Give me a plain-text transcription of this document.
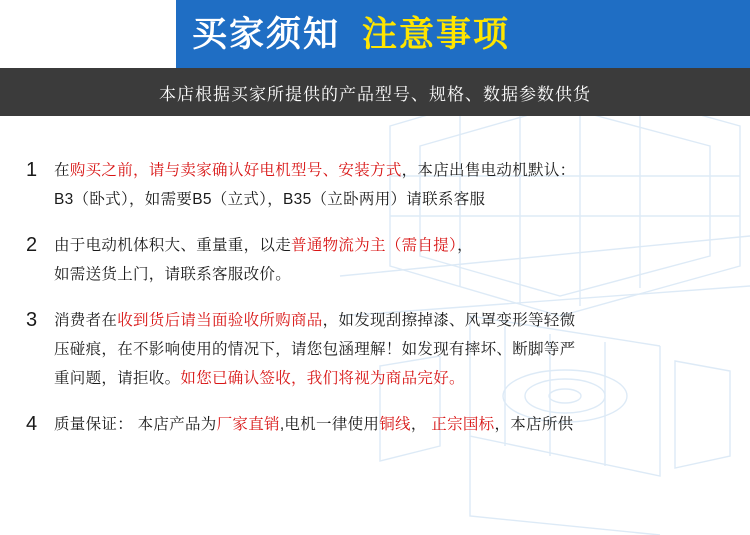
买家须知 注意事项
本店根据买家所提供的产品型号、规格、数据参数供货
1	在购买之前，请与卖家确认好电机型号、安装方式，本店出售电动机默认：
B3（卧式），如需要B5（立式），B35（立卧两用）请联系客服
2	由于电动机体积大、重量重，以走普通物流为主（需自提），
如需送货上门，请联系客服改价。
3	消费者在收到货后请当面验收所购商品，如发现刮擦掉漆、风罩变形等轻微
压碰痕，在不影响使用的情况下，请您包涵理解！如发现有摔坏、断脚等严
重问题，请拒收。如您已确认签收，我们将视为商品完好。
4	质量保证： 本店产品为厂家直销,电机一律使用铜线， 正宗国标，本店所供
